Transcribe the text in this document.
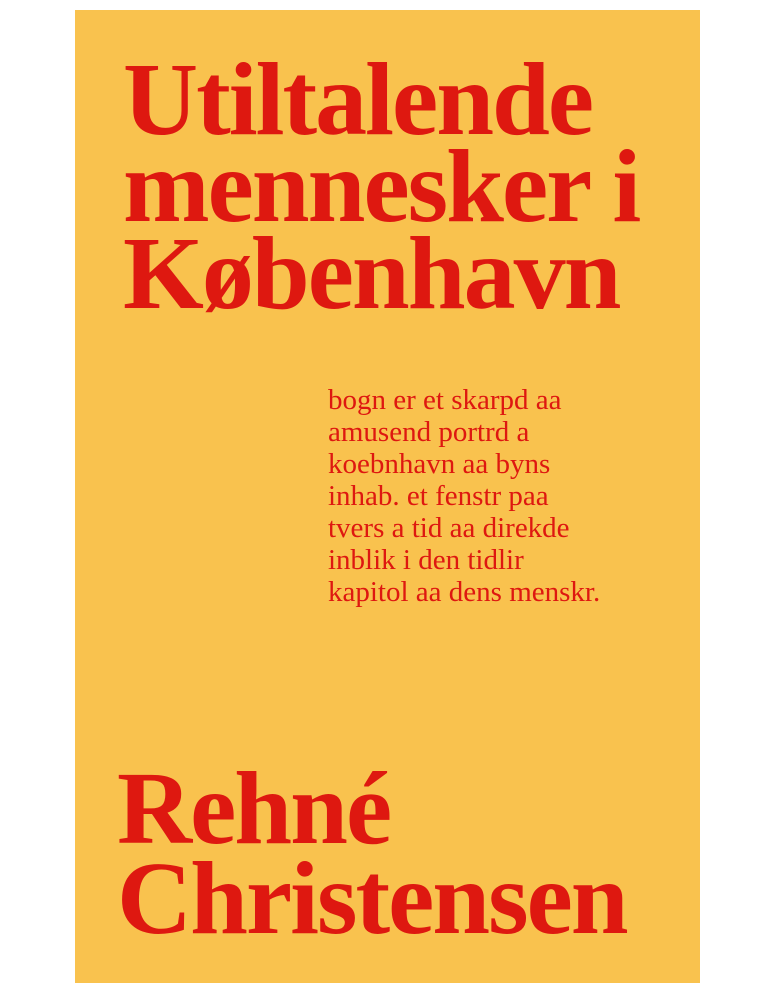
Utiltalende
mennesker i
København
bogn er et skarpd aa
amusend portrd a
koebnhavn aa byns
inhab. et fenstr paa
tvers a tid aa direkde
inblik i den tidlir
kapitol aa dens menskr.
Rehné
Christensen
